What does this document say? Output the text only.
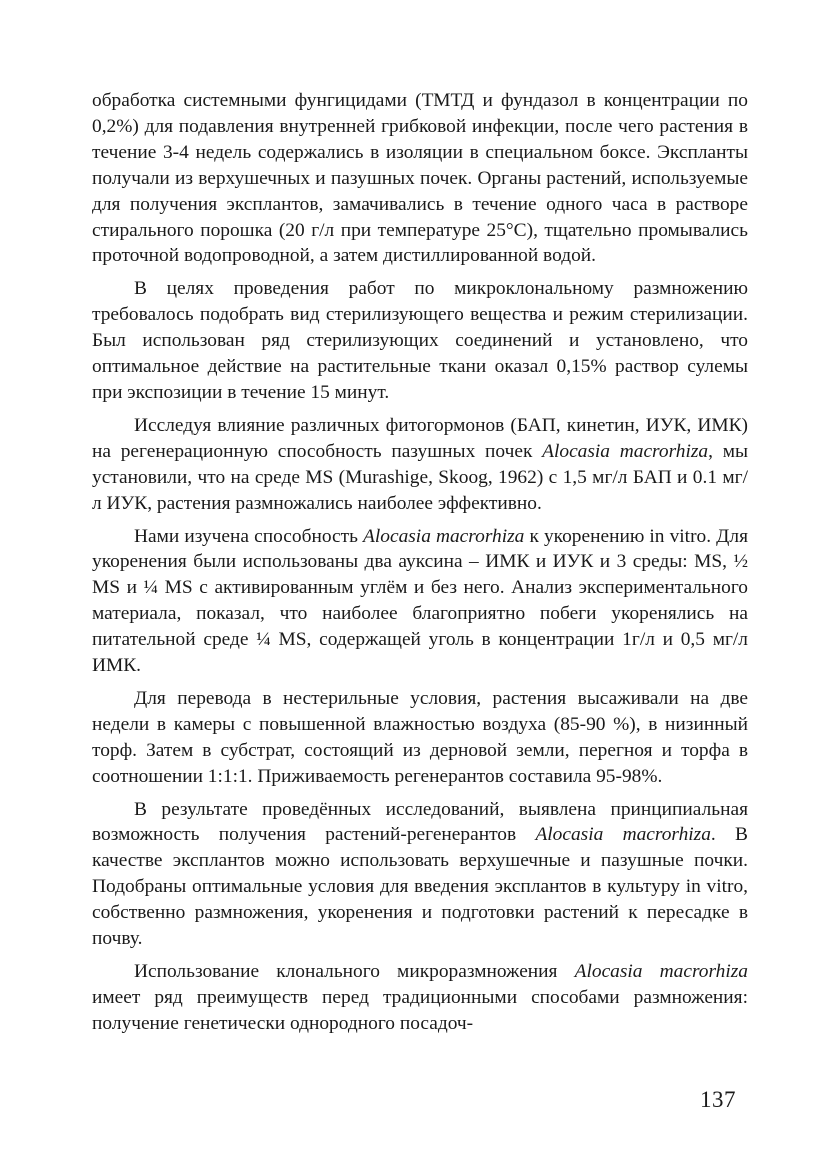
обработка системными фунгицидами (ТМТД и фундазол в концентрации по 0,2%) для подавления внутренней грибковой инфекции, после чего растения в течение 3-4 недель содержались в изоляции в специальном боксе. Экспланты получали из верхушечных и пазушных почек. Органы растений, используемые для получения эксплантов, замачивались в течение одного часа в растворе стирального порошка (20 г/л при температуре 25°С), тщательно промывались проточной водопроводной, а затем дистиллированной водой.

В целях проведения работ по микроклональному размножению требовалось подобрать вид стерилизующего вещества и режим стерилизации. Был использован ряд стерилизующих соединений и установлено, что оптимальное действие на растительные ткани оказал 0,15% раствор сулемы при экспозиции в течение 15 минут.

Исследуя влияние различных фитогормонов (БАП, кинетин, ИУК, ИМК) на регенерационную способность пазушных почек Alocasia macrorhiza, мы установили, что на среде MS (Murashige, Skoog, 1962) с 1,5 мг/л БАП и 0.1 мг/л ИУК, растения размножались наиболее эффективно.

Нами изучена способность Alocasia macrorhiza к укоренению in vitro. Для укоренения были использованы два ауксина – ИМК и ИУК и 3 среды: MS, ½ MS и ¼ MS с активированным углём и без него. Анализ экспериментального материала, показал, что наиболее благоприятно побеги укоренялись на питательной среде ¼ MS, содержащей уголь в концентрации 1г/л и 0,5 мг/л ИМК.

Для перевода в нестерильные условия, растения высаживали на две недели в камеры с повышенной влажностью воздуха (85-90 %), в низинный торф. Затем в субстрат, состоящий из дерновой земли, перегноя и торфа в соотношении 1:1:1. Приживаемость регенерантов составила 95-98%.

В результате проведённых исследований, выявлена принципиальная возможность получения растений-регенерантов Alocasia macrorhiza. В качестве эксплантов можно использовать верхушечные и пазушные почки. Подобраны оптимальные условия для введения эксплантов в культуру in vitro, собственно размножения, укоренения и подготовки растений к пересадке в почву.

Использование клонального микроразмножения Alocasia macrorhiza имеет ряд преимуществ перед традиционными способами размножения: получение генетически однородного посадоч-

137
